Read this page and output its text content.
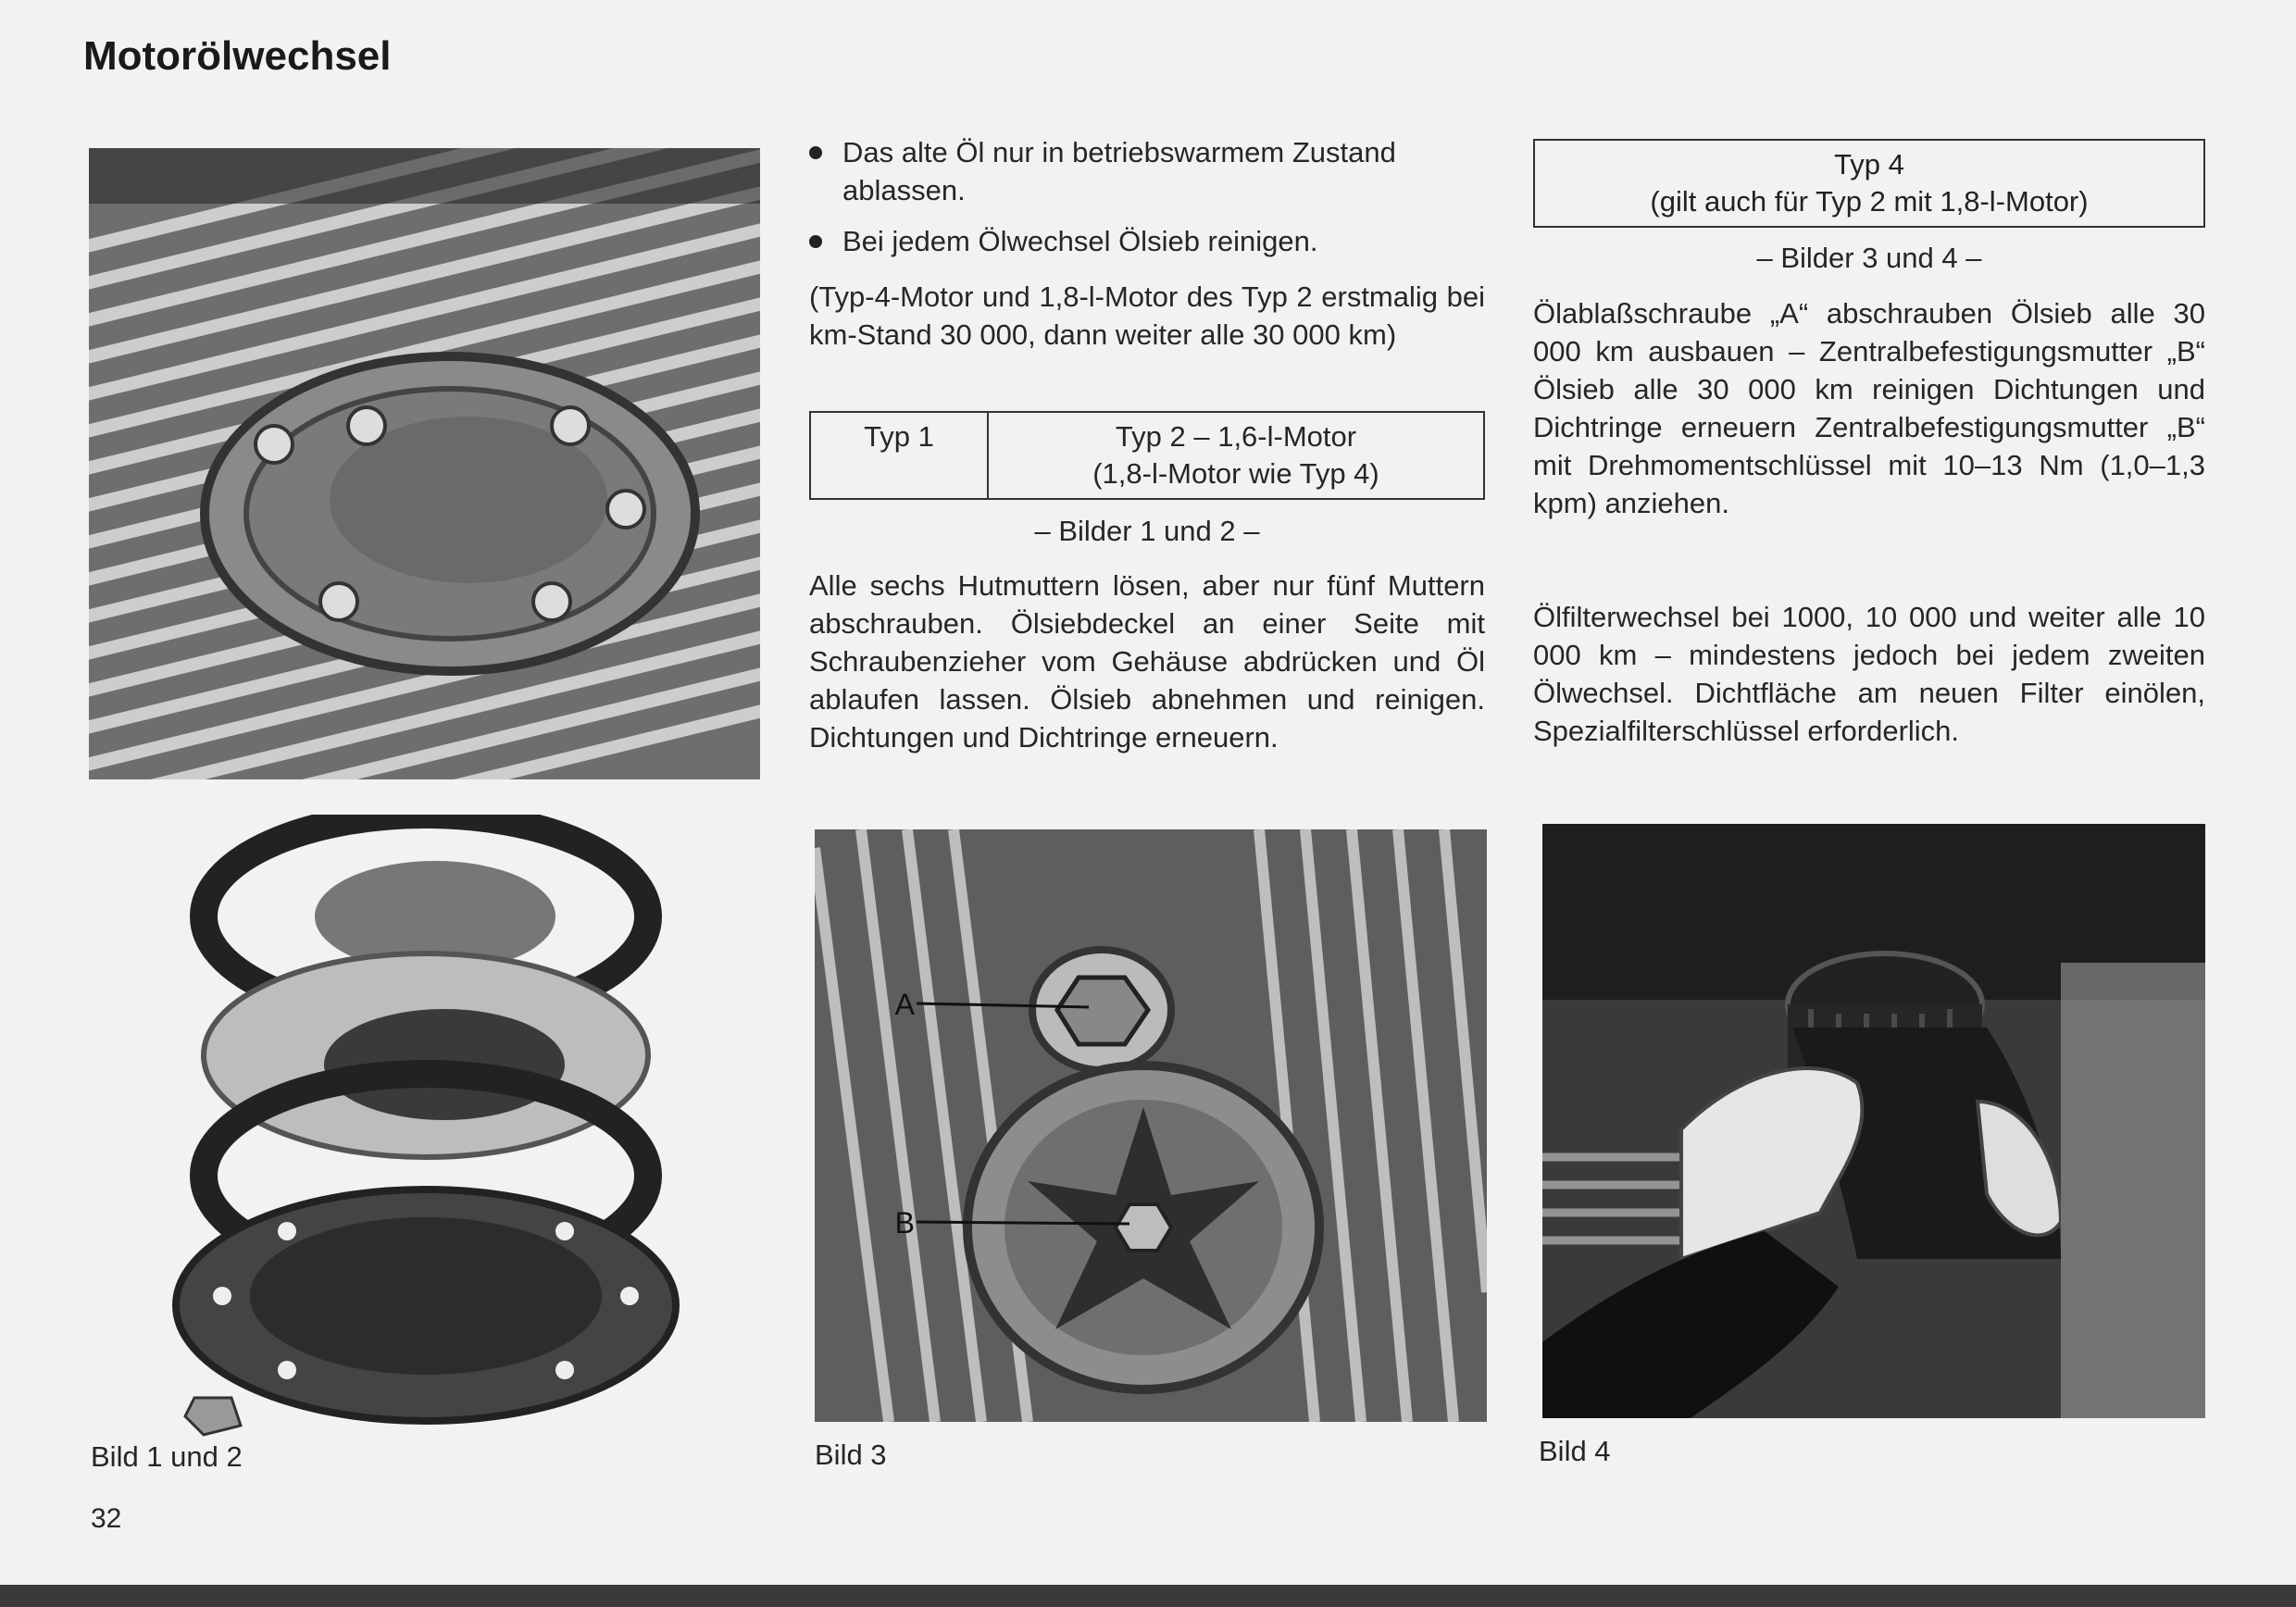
Motorölwechsel
Bild 1 und 2
32
Das alte Öl nur in betriebswarmem Zustand ablassen.
Bei jedem Ölwechsel Ölsieb reinigen.
(Typ-4-Motor und 1,8-l-Motor des Typ 2 erstmalig bei km-Stand 30 000, dann weiter alle 30 000 km)
Typ 1	Typ 2 – 1,6-l-Motor
(1,8-l-Motor wie Typ 4)
– Bilder 1 und 2 –
Alle sechs Hutmuttern lösen, aber nur fünf Muttern abschrauben. Ölsiebdeckel an einer Seite mit Schraubenzieher vom Gehäuse abdrücken und Öl ablaufen lassen. Ölsieb abnehmen und reinigen. Dichtungen und Dichtringe erneuern.
A
B
Bild 3
Typ 4
(gilt auch für Typ 2 mit 1,8-l-Motor)
– Bilder 3 und 4 –
Ölablaßschraube „A“ abschrauben Ölsieb alle 30 000 km ausbauen – Zentralbefestigungsmutter „B“ Ölsieb alle 30 000 km reinigen Dichtungen und Dichtringe erneuern Zentralbefestigungsmutter „B“ mit Drehmomentschlüssel mit 10–13 Nm (1,0–1,3 kpm) anziehen.
Ölfilterwechsel bei 1000, 10 000 und weiter alle 10 000 km – mindestens jedoch bei jedem zweiten Ölwechsel. Dichtfläche am neuen Filter einölen, Spezialfilterschlüssel erforderlich.
Bild 4
